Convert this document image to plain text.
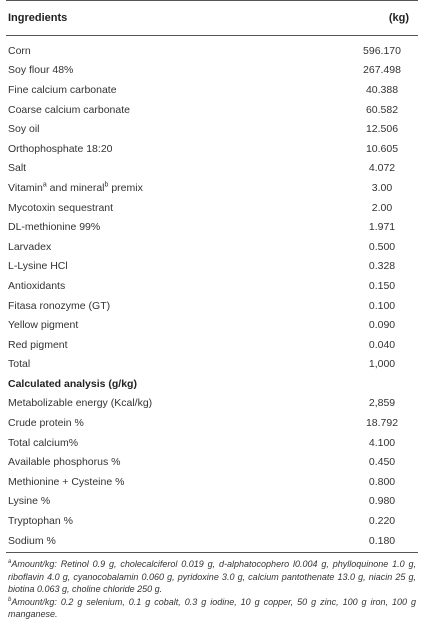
Ingredients	(kg)
Corn	596.170
Soy flour 48%	267.498
Fine calcium carbonate	40.388
Coarse calcium carbonate	60.582
Soy oil	12.506
Orthophosphate 18:20	10.605
Salt	4.072
Vitamin$^a$ and mineral$^b$ premix	3.00
Mycotoxin sequestrant	2.00
DL-methionine 99%	1.971
Larvadex	0.500
L-Lysine HCl	0.328
Antioxidants	0.150
Fitasa ronozyme (GT)	0.100
Yellow pigment	0.090
Red pigment	0.040
Total	1,000
Calculated analysis (g/kg)
Metabolizable energy (Kcal/kg)	2,859
Crude protein %	18.792
Total calcium%	4.100
Available phosphorus %	0.450
Methionine + Cysteine %	0.800
Lysine %	0.980
Tryptophan %	0.220
Sodium %	0.180

$^a$Amount/kg: Retinol 0.9 g, cholecalciferol 0.019 g, d-alphatocophero l0.004 g, phylloquinone 1.0 g, riboflavin 4.0 g, cyanocobalamin 0.060 g, pyridoxine 3.0 g, calcium pantothenate 13.0 g, niacin 25 g, biotina 0.063 g, choline chloride 250 g.

$^b$Amount/kg: 0.2 g selenium, 0.1 g cobalt, 0.3 g iodine, 10 g copper, 50 g zinc, 100 g iron, 100 g manganese.
